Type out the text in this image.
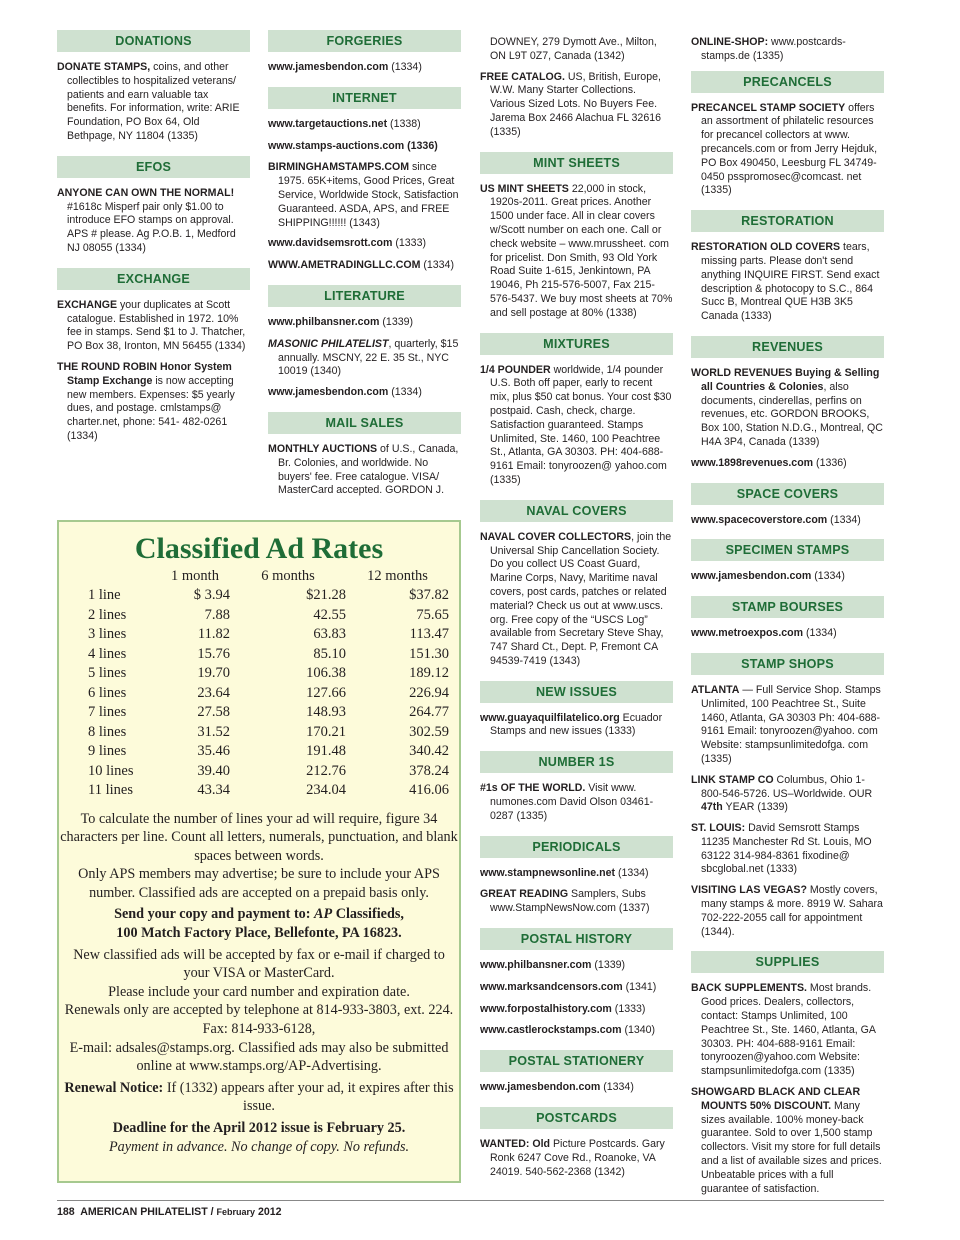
DONATIONS

DONATE STAMPS, coins, and other collectibles to hospitalized veterans/ patients and earn valuable tax benefits. For information, write: ARIE Foundation, PO Box 64, Old Bethpage, NY 11804 (1335)

EFOS

ANYONE CAN OWN THE NORMAL! #1618c Misperf pair only $1.00 to introduce EFO stamps on approval. APS # please. Ag P.O.B. 1, Medford NJ 08055 (1334)

EXCHANGE

EXCHANGE your duplicates at Scott catalogue. Established in 1972. 10% fee in stamps. Send $1 to J. Thatcher, PO Box 38, Ironton, MN 56455 (1334)

THE ROUND ROBIN Honor System Stamp Exchange is now accepting new members. Expenses: $5 yearly dues, and postage. cmlstamps@ charter.net, phone: 541- 482-0261 (1334)

FORGERIES

www.jamesbendon.com (1334)

INTERNET

www.targetauctions.net (1338)

www.stamps-auctions.com (1336)

BIRMINGHAMSTAMPS.COM since 1975. 65K+items, Good Prices, Great Service, Worldwide Stock, Satisfaction Guaranteed. ASDA, APS, and FREE SHIPPING!!!!!! (1343)

www.davidsemsrott.com (1333)

WWW.AMETRADINGLLC.COM (1334)

LITERATURE

www.philbansner.com (1339)

MASONIC PHILATELIST, quarterly, $15 annually. MSCNY, 22 E. 35 St., NYC 10019 (1340)

www.jamesbendon.com (1334)

MAIL SALES

MONTHLY AUCTIONS of U.S., Canada, Br. Colonies, and worldwide. No buyers' fee. Free catalogue. VISA/ MasterCard accepted. GORDON J.

Classified Ad Rates
	1 month	6 months	12 months
1 line	$ 3.94	$21.28	$37.82
2 lines	7.88	42.55	75.65
3 lines	11.82	63.83	113.47
4 lines	15.76	85.10	151.30
5 lines	19.70	106.38	189.12
6 lines	23.64	127.66	226.94
7 lines	27.58	148.93	264.77
8 lines	31.52	170.21	302.59
9 lines	35.46	191.48	340.42
10 lines	39.40	212.76	378.24
11 lines	43.34	234.04	416.06

To calculate the number of lines your ad will require, figure 34 characters per line. Count all letters, numerals, punctuation, and blank spaces between words.

Only APS members may advertise; be sure to include your APS number. Classified ads are accepted on a prepaid basis only.

Send your copy and payment to: AP Classifieds,
100 Match Factory Place, Bellefonte, PA 16823.

New classified ads will be accepted by fax or e-mail if charged to your VISA or MasterCard.

Please include your card number and expiration date.

Renewals only are accepted by telephone at 814-933-3803, ext. 224. Fax: 814-933-6128,

E-mail: adsales@stamps.org. Classified ads may also be submitted online at www.stamps.org/AP-Advertising.

Renewal Notice: If (1332) appears after your ad, it expires after this issue.

Deadline for the April 2012 issue is February 25.

Payment in advance. No change of copy. No refunds.

DOWNEY, 279 Dymott Ave., Milton, ON L9T 0Z7, Canada (1342)

FREE CATALOG. US, British, Europe, W.W. Many Starter Collections. Various Sized Lots. No Buyers Fee. Jarema Box 2466 Alachua FL 32616 (1335)

MINT SHEETS

US MINT SHEETS 22,000 in stock, 1920s-2011. Great prices. Another 1500 under face. All in clear covers w/Scott number on each one. Call or check website – www.mrussheet. com for pricelist. Don Smith, 93 Old York Road Suite 1-615, Jenkintown, PA 19046, Ph 215-576-5007, Fax 215-576-5437. We buy most sheets at 70% and sell postage at 80% (1338)

MIXTURES

1/4 POUNDER worldwide, 1/4 pounder U.S. Both off paper, early to recent mix, plus $50 cat bonus. Your cost $30 postpaid. Cash, check, charge. Satisfaction guaranteed. Stamps Unlimited, Ste. 1460, 100 Peachtree St., Atlanta, GA 30303. PH: 404-688-9161 Email: tonyroozen@ yahoo.com (1335)

NAVAL COVERS

NAVAL COVER COLLECTORS, join the Universal Ship Cancellation Society. Do you collect US Coast Guard, Marine Corps, Navy, Maritime naval covers, post cards, patches or related material? Check us out at www.uscs. org. Free copy of the “USCS Log” available from Secretary Steve Shay, 747 Shard Ct., Dept. P, Fremont CA 94539-7419 (1343)

NEW ISSUES

www.guayaquilfilatelico.org Ecuador Stamps and new issues (1333)

NUMBER 1S

#1s OF THE WORLD. Visit www. numones.com David Olson 03461-0287 (1335)

PERIODICALS

www.stampnewsonline.net (1334)

GREAT READING Samplers, Subs www.StampNewsNow.com (1337)

POSTAL HISTORY

www.philbansner.com (1339)

www.marksandcensors.com (1341)

www.forpostalhistory.com (1333)

www.castlerockstamps.com (1340)

POSTAL STATIONERY

www.jamesbendon.com (1334)

POSTCARDS

WANTED: Old Picture Postcards. Gary Ronk 6247 Cove Rd., Roanoke, VA 24019. 540-562-2368 (1342)

ONLINE-SHOP: www.postcards-stamps.de (1335)

PRECANCELS

PRECANCEL STAMP SOCIETY offers an assortment of philatelic resources for precancel collectors at www. precancels.com or from Jerry Hejduk, PO Box 490450, Leesburg FL 34749-0450 psspromosec@comcast. net (1335)

RESTORATION

RESTORATION OLD COVERS tears, missing parts. Please don't send anything INQUIRE FIRST. Send exact description & photocopy to S.C., 864 Succ B, Montreal QUE H3B 3K5 Canada (1333)

REVENUES

WORLD REVENUES Buying & Selling all Countries & Colonies, also documents, cinderellas, perfins on revenues, etc. GORDON BROOKS, Box 100, Station N.D.G., Montreal, QC H4A 3P4, Canada (1339)

www.1898revenues.com (1336)

SPACE COVERS

www.spacecoverstore.com (1334)

SPECIMEN STAMPS

www.jamesbendon.com (1334)

STAMP BOURSES

www.metroexpos.com (1334)

STAMP SHOPS

ATLANTA — Full Service Shop. Stamps Unlimited, 100 Peachtree St., Suite 1460, Atlanta, GA 30303 Ph: 404-688-9161 Email: tonyroozen@yahoo. com Website: stampsunlimitedofga. com (1335)

LINK STAMP CO Columbus, Ohio 1-800-546-5726. US–Worldwide. OUR 47th YEAR (1339)

ST. LOUIS: David Semsrott Stamps 11235 Manchester Rd St. Louis, MO 63122 314-984-8361 fixodine@ sbcglobal.net (1333)

VISITING LAS VEGAS? Mostly covers, many stamps & more. 8919 W. Sahara 702-222-2055 call for appointment (1344).

SUPPLIES

BACK SUPPLEMENTS. Most brands. Good prices. Dealers, collectors, contact: Stamps Unlimited, 100 Peachtree St., Ste. 1460, Atlanta, GA 30303. PH: 404-688-9161 Email: tonyroozen@yahoo.com Website: stampsunlimitedofga.com (1335)

SHOWGARD BLACK AND CLEAR MOUNTS 50% DISCOUNT. Many sizes available. 100% money-back guarantee. Sold to over 1,500 stamp collectors. Visit my store for full details and a list of available sizes and prices. Unbeatable prices with a full guarantee of satisfaction.

188 AMERICAN PHILATELIST / February 2012
